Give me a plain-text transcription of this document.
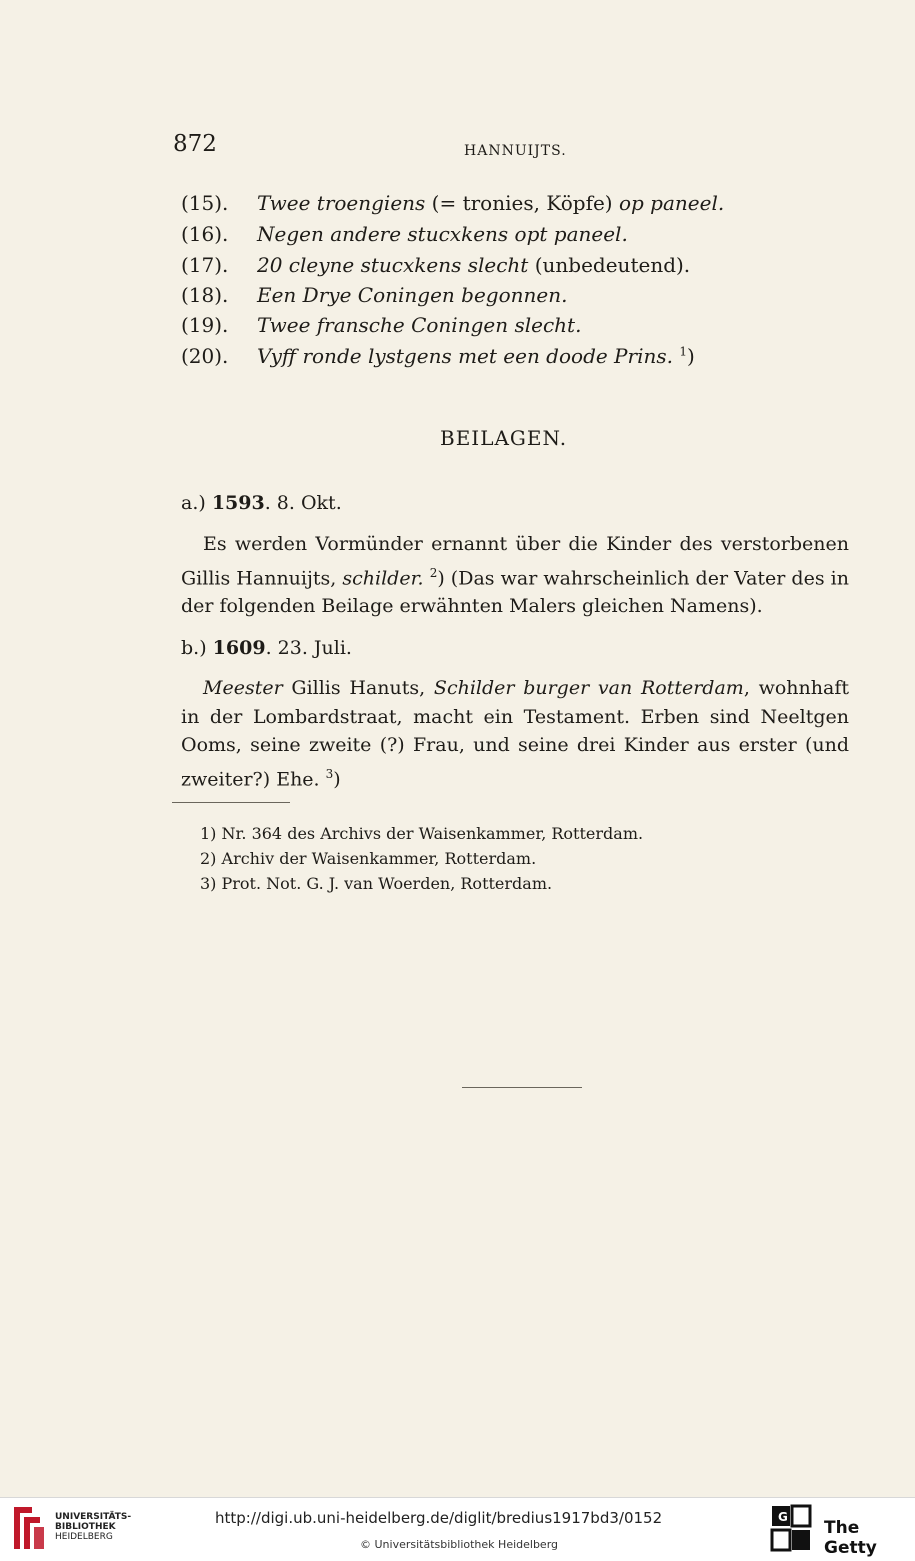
872	HANNUIJTS.
(15). Twee troengiens (= tronies, Köpfe) op paneel.
(16). Negen andere stucxkens opt paneel.
(17). 20 cleyne stucxkens slecht (unbedeutend).
(18). Een Drye Coningen begonnen.
(19). Twee fransche Coningen slecht.
(20). Vyff ronde lystgens met een doode Prins. $^1$)
BEILAGEN.
a.) 1593. 8. Okt.
Es werden Vormünder ernannt über die Kinder des verstorbenen Gillis Hannuijts, schilder. $^2$) (Das war wahrscheinlich der Vater des in der folgenden Beilage erwähnten Malers gleichen Namens).
b.) 1609. 23. Juli.
Meester Gillis Hanuts, Schilder burger van Rotterdam, wohnhaft in der Lombardstraat, macht ein Testament. Erben sind Neeltgen Ooms, seine zweite (?) Frau, und seine drei Kinder aus erster (und zweiter?) Ehe. $^3$)
1) Nr. 364 des Archivs der Waisenkammer, Rotterdam.
2) Archiv der Waisenkammer, Rotterdam.
3) Prot. Not. G. J. van Woerden, Rotterdam.
UNIVERSITÄTS-
BIBLIOTHEK
HEIDELBERG
http://digi.ub.uni-heidelberg.de/diglit/bredius1917bd3/0152
© Universitätsbibliothek Heidelberg
G
The Getty
